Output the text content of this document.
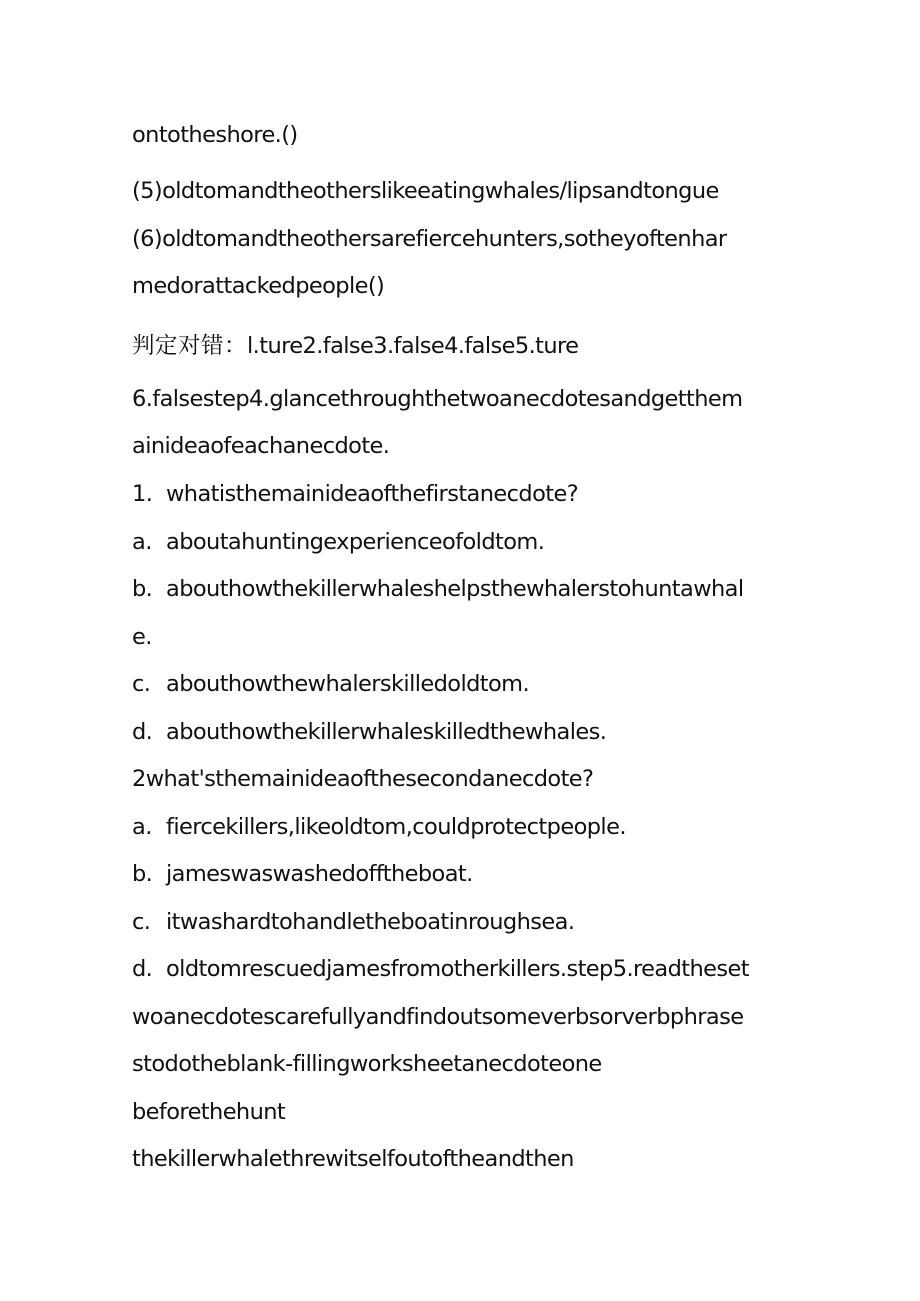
ontotheshore.()
(5)oldtomandtheotherslikeeatingwhales/lipsandtongue
(6)oldtomandtheothersarefiercehunters,sotheyoftenhar
medorattackedpeople()
判定对错：l.ture2.false3.false4.false5.ture
6.falsestep4.glancethroughthetwoanecdotesandgetthem
ainideaofeachanecdote.
1. whatisthemainideaofthefirstanecdote?
a. aboutahuntingexperienceofoldtom.
b. abouthowthekillerwhaleshelpsthewhalerstohuntawhal
e.
c. abouthowthewhalerskilledoldtom.
d. abouthowthekillerwhaleskilledthewhales.
2what'sthemainideaofthesecondanecdote?
a. fiercekillers,likeoldtom,couldprotectpeople.
b. jameswaswashedofftheboat.
c. itwashardtohandletheboatinroughsea.
d. oldtomrescuedjamesfromotherkillers.step5.readtheset
woanecdotescarefullyandfindoutsomeverbsorverbphrase
stodotheblank-fillingworksheetanecdoteone
beforethehunt
thekillerwhalethrewitselfoutoftheandthen
